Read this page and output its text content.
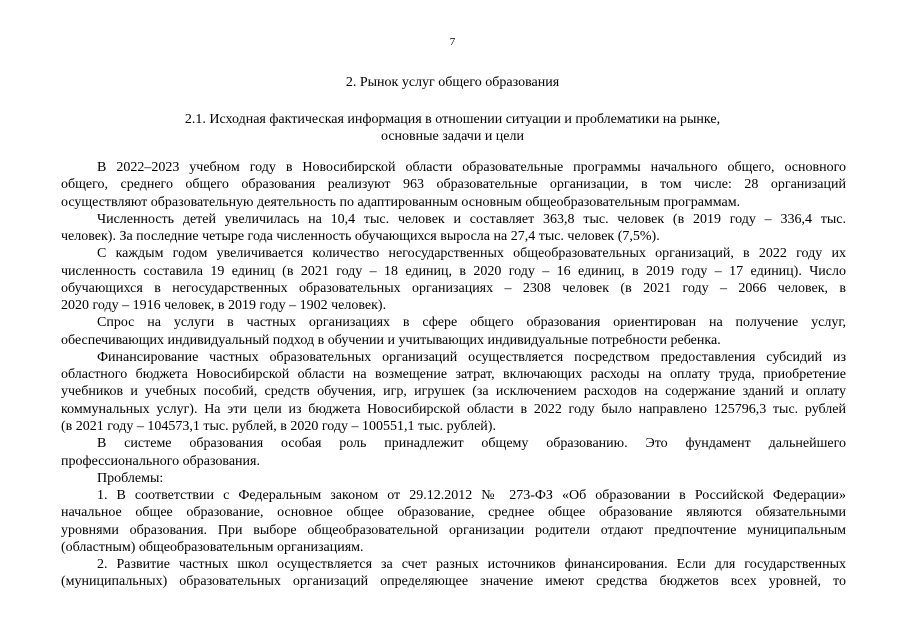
7
2. Рынок услуг общего образования
2.1. Исходная фактическая информация в отношении ситуации и проблематики на рынке,
основные задачи и цели
В 2022–2023 учебном году в Новосибирской области образовательные программы начального общего, основного
общего, среднего общего образования реализуют 963 образовательные организации, в том числе: 28 организаций
осуществляют образовательную деятельность по адаптированным основным общеобразовательным программам.
Численность детей увеличилась на 10,4 тыс. человек и составляет 363,8 тыс. человек (в 2019 году – 336,4 тыс.
человек). За последние четыре года численность обучающихся выросла на 27,4 тыс. человек (7,5%).
С каждым годом увеличивается количество негосударственных общеобразовательных организаций, в 2022 году их
численность составила 19 единиц (в 2021 году – 18 единиц, в 2020 году – 16 единиц, в 2019 году – 17 единиц). Число
обучающихся в негосударственных образовательных организациях – 2308 человек (в 2021 году – 2066 человек, в
2020 году – 1916 человек, в 2019 году – 1902 человек).
Спрос на услуги в частных организациях в сфере общего образования ориентирован на получение услуг,
обеспечивающих индивидуальный подход в обучении и учитывающих индивидуальные потребности ребенка.
Финансирование частных образовательных организаций осуществляется посредством предоставления субсидий из
областного бюджета Новосибирской области на возмещение затрат, включающих расходы на оплату труда, приобретение
учебников и учебных пособий, средств обучения, игр, игрушек (за исключением расходов на содержание зданий и оплату
коммунальных услуг). На эти цели из бюджета Новосибирской области в 2022 году было направлено 125796,3 тыс. рублей
(в 2021 году – 104573,1 тыс. рублей, в 2020 году – 100551,1 тыс. рублей).
В системе образования особая роль принадлежит общему образованию. Это фундамент дальнейшего
профессионального образования.
Проблемы:
1. В соответствии с Федеральным законом от 29.12.2012 № 273-ФЗ «Об образовании в Российской Федерации»
начальное общее образование, основное общее образование, среднее общее образование являются обязательными
уровнями образования. При выборе общеобразовательной организации родители отдают предпочтение муниципальным
(областным) общеобразовательным организациям.
2. Развитие частных школ осуществляется за счет разных источников финансирования. Если для государственных
(муниципальных) образовательных организаций определяющее значение имеют средства бюджетов всех уровней, то
